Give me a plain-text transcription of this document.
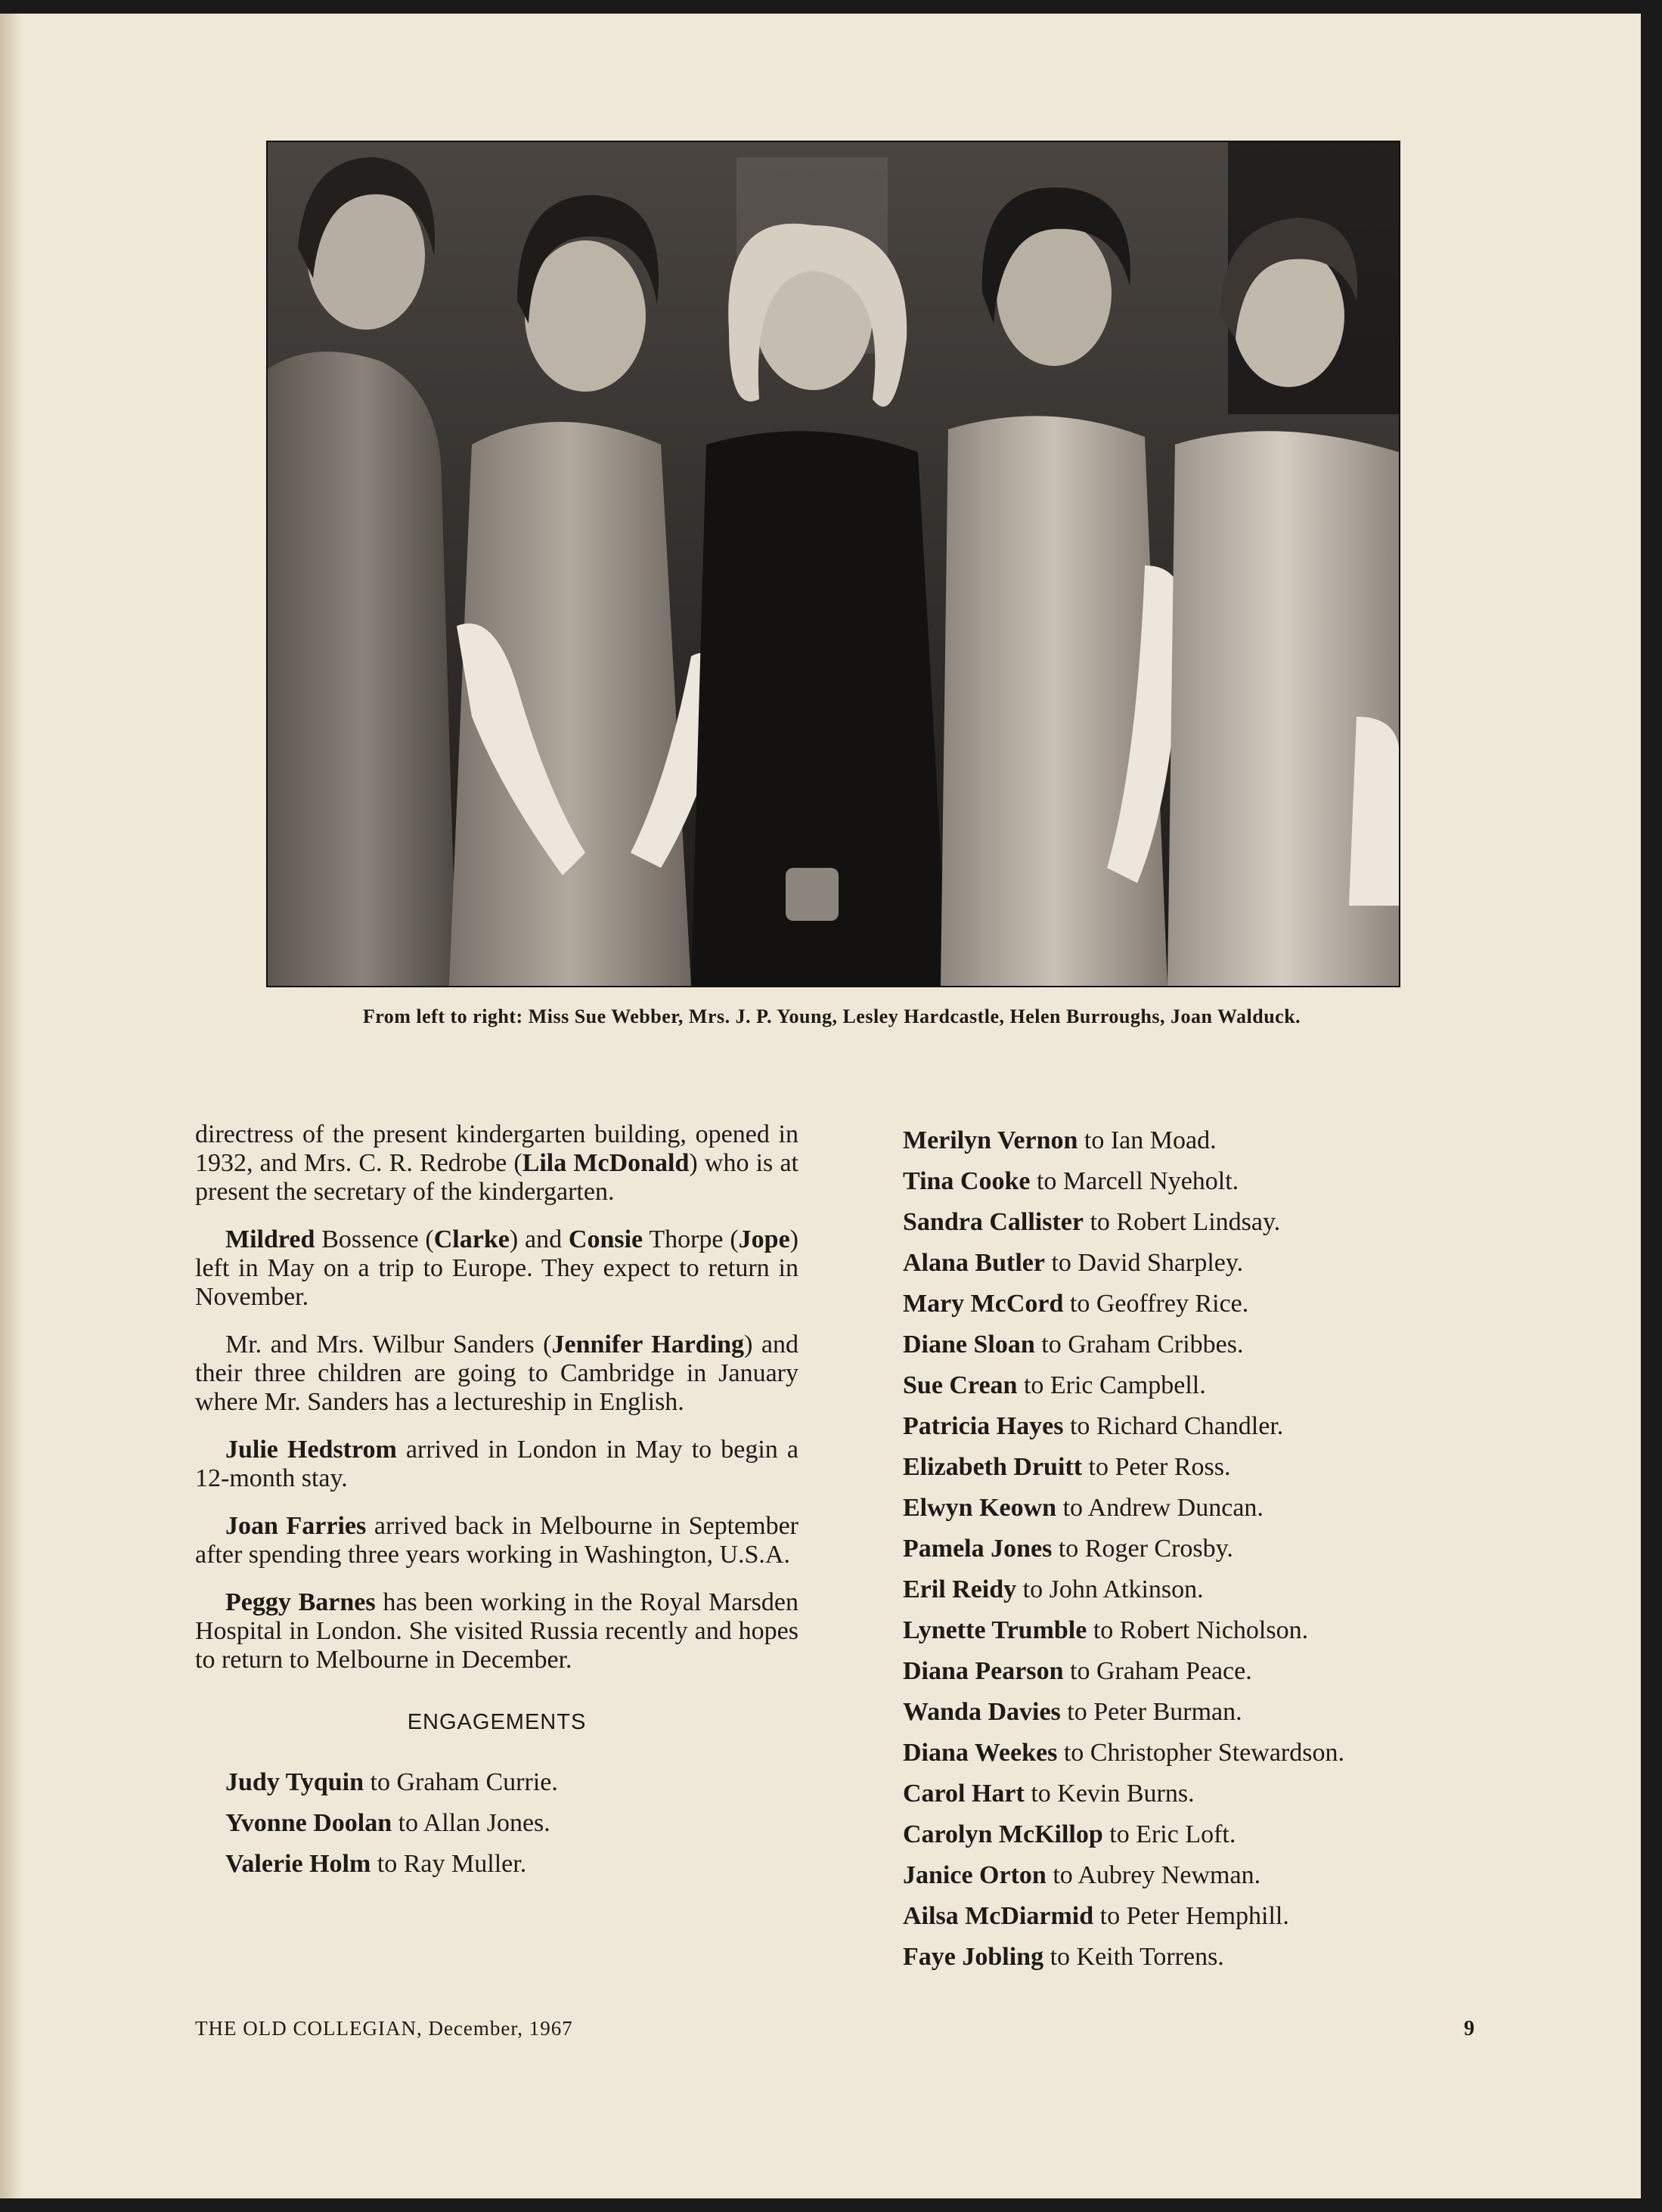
From left to right: Miss Sue Webber, Mrs. J. P. Young, Lesley Hardcastle, Helen Burroughs, Joan Walduck.

directress of the present kindergarten building, opened in 1932, and Mrs. C. R. Redrobe (Lila McDonald) who is at present the secretary of the kindergarten.

Mildred Bossence (Clarke) and Consie Thorpe (Jope) left in May on a trip to Europe. They expect to return in November.

Mr. and Mrs. Wilbur Sanders (Jennifer Harding) and their three children are going to Cambridge in January where Mr. Sanders has a lectureship in English.

Julie Hedstrom arrived in London in May to begin a 12-month stay.

Joan Farries arrived back in Melbourne in September after spending three years working in Washington, U.S.A.

Peggy Barnes has been working in the Royal Marsden Hospital in London. She visited Russia recently and hopes to return to Melbourne in December.

ENGAGEMENTS

Judy Tyquin to Graham Currie.

Yvonne Doolan to Allan Jones.

Valerie Holm to Ray Muller.

Merilyn Vernon to Ian Moad.

Tina Cooke to Marcell Nyeholt.

Sandra Callister to Robert Lindsay.

Alana Butler to David Sharpley.

Mary McCord to Geoffrey Rice.

Diane Sloan to Graham Cribbes.

Sue Crean to Eric Campbell.

Patricia Hayes to Richard Chandler.

Elizabeth Druitt to Peter Ross.

Elwyn Keown to Andrew Duncan.

Pamela Jones to Roger Crosby.

Eril Reidy to John Atkinson.

Lynette Trumble to Robert Nicholson.

Diana Pearson to Graham Peace.

Wanda Davies to Peter Burman.

Diana Weekes to Christopher Stewardson.

Carol Hart to Kevin Burns.

Carolyn McKillop to Eric Loft.

Janice Orton to Aubrey Newman.

Ailsa McDiarmid to Peter Hemphill.

Faye Jobling to Keith Torrens.

THE OLD COLLEGIAN, December, 1967	9
